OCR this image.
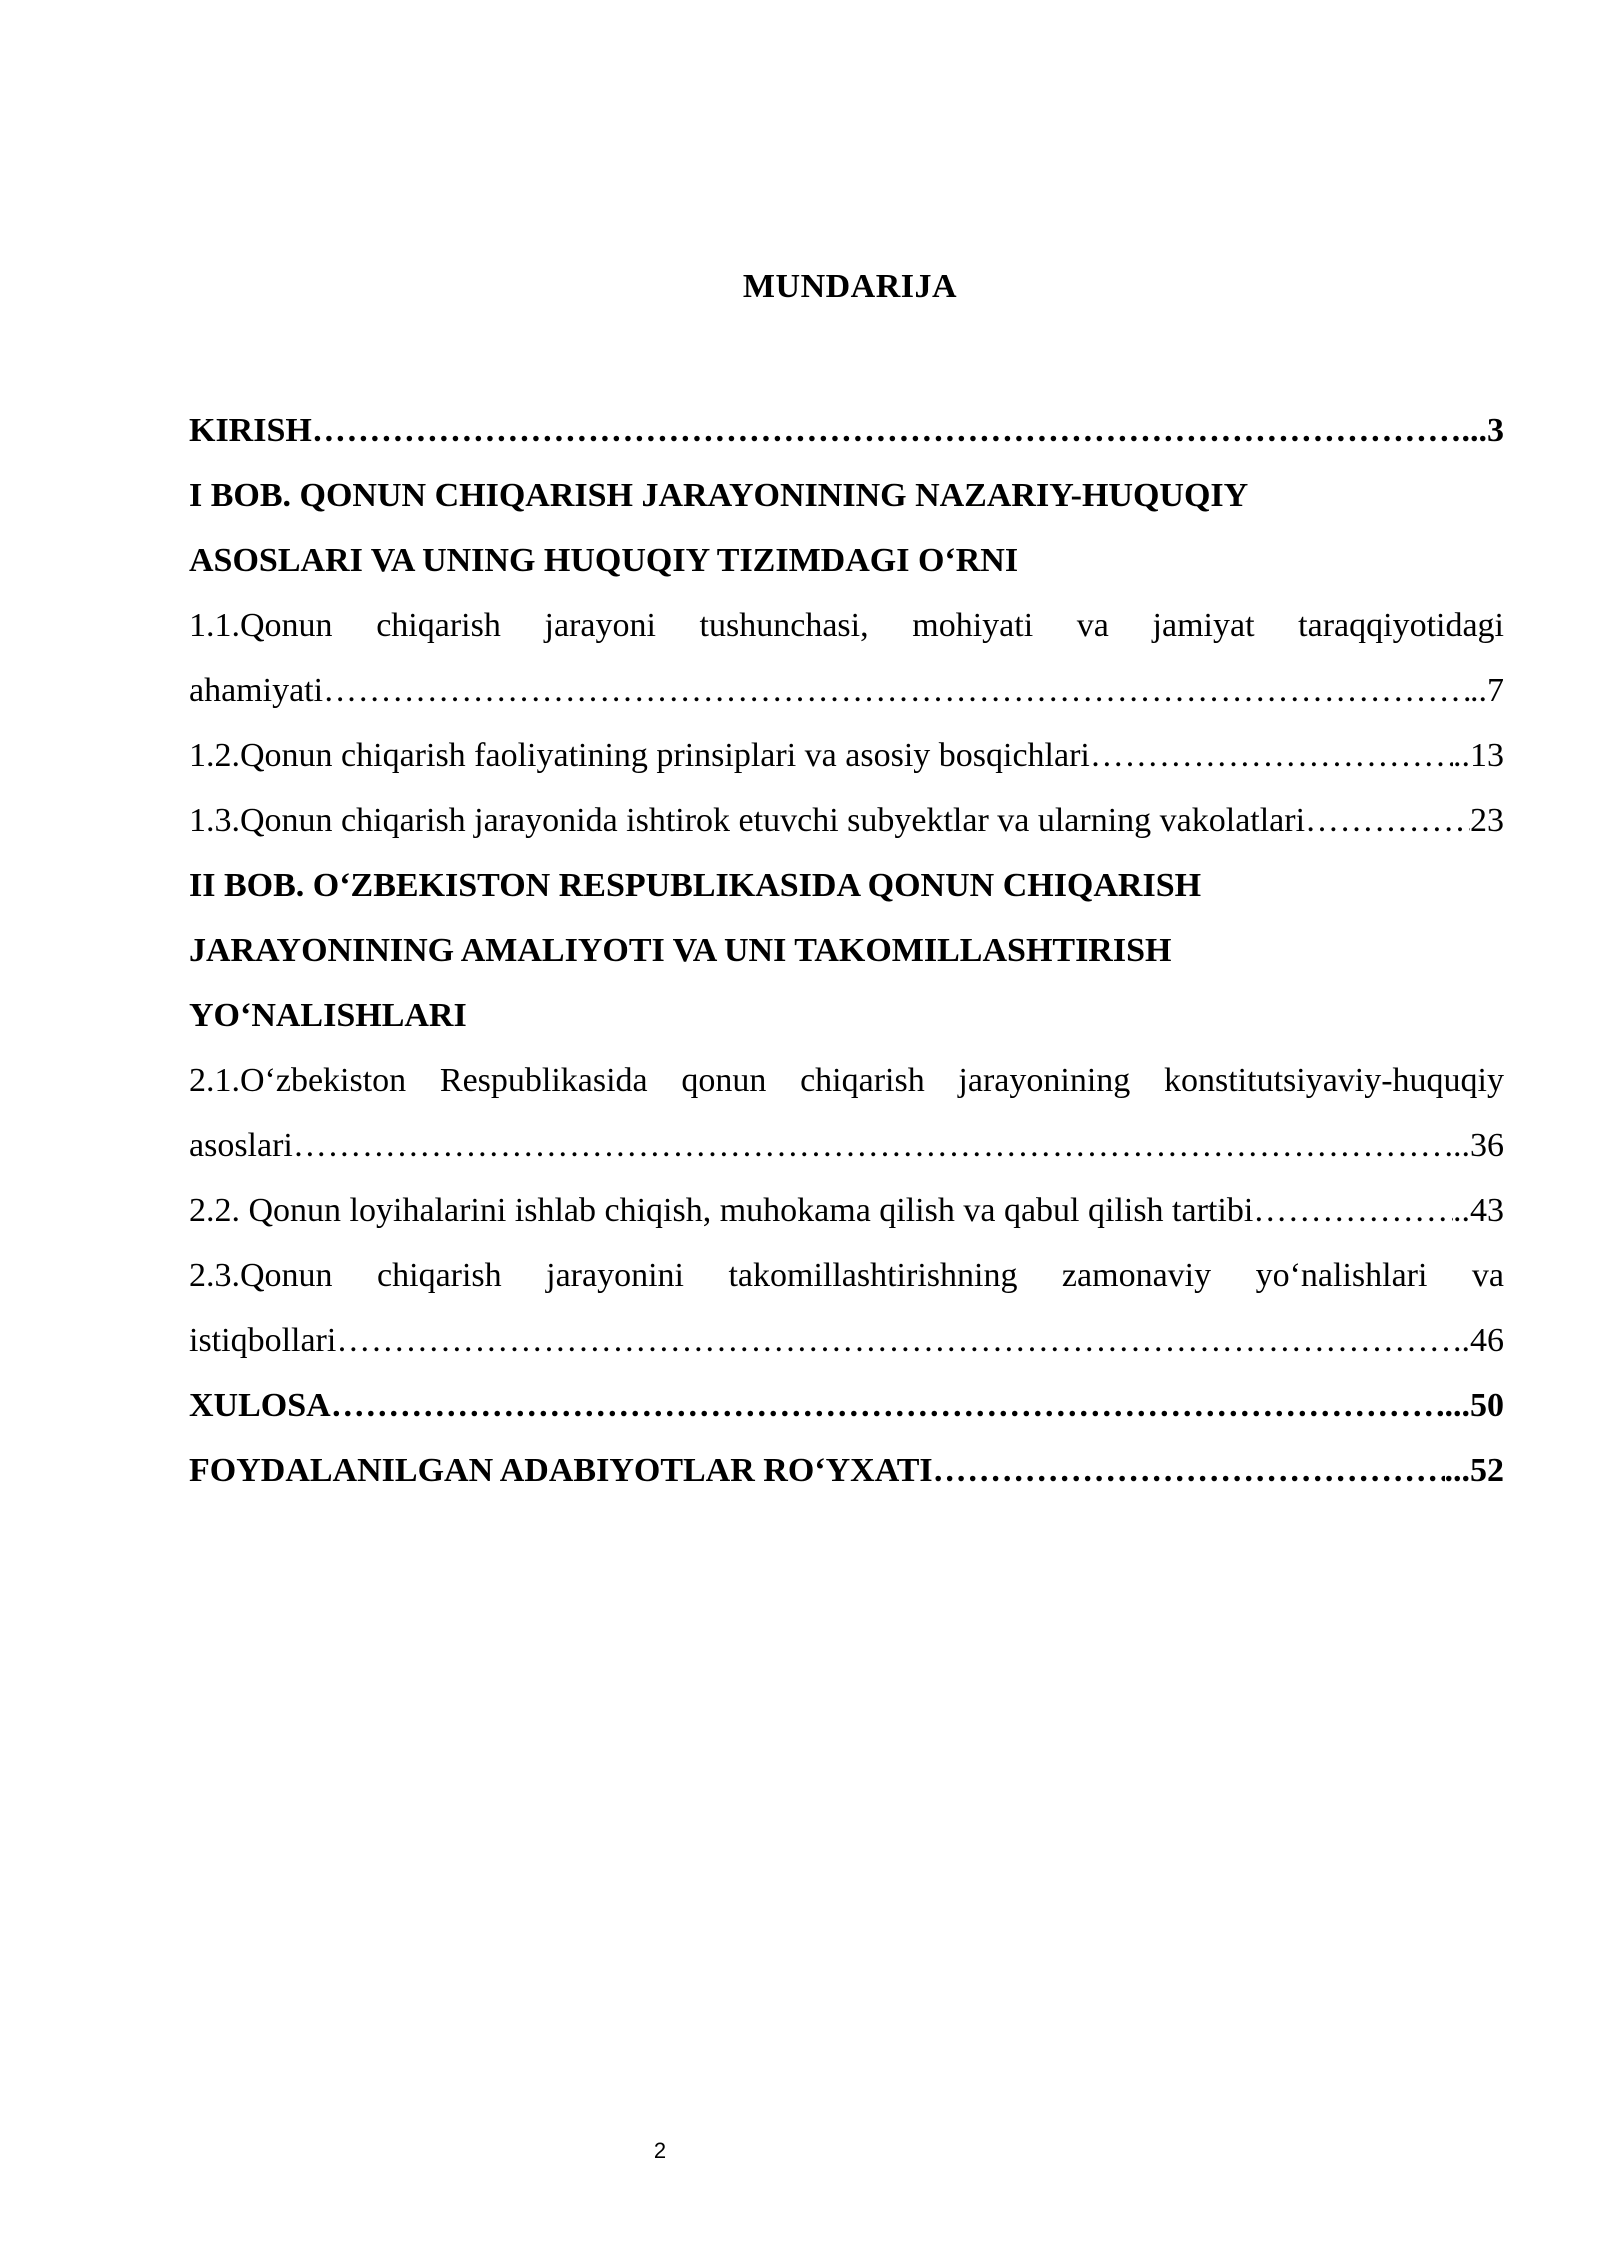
MUNDARIJA
KIRISH ………………………………………………………………………………………………………………………………………………………………………………………………	...3
I BOB. QONUN CHIQARISH JARAYONINING NAZARIY-HUQUQIY
ASOSLARI VA UNING HUQUQIY TIZIMDAGI O‘RNI
1.1.Qonun chiqarish jarayoni tushunchasi, mohiyati va jamiyat taraqqiyotidagi
ahamiyati ………………………………………………………………………………………………………………………………………………………………………………………………	..7
1.2.Qonun chiqarish faoliyatining prinsiplari va asosiy bosqichlari ………………………………………………………………………………………………………………………………………………………………………………………………	..13
1.3.Qonun chiqarish jarayonida ishtirok etuvchi subyektlar va ularning vakolatlari ………………………………………………………………………………………………………………………………………………………………………………………………	23
II BOB. O‘ZBEKISTON RESPUBLIKASIDA QONUN CHIQARISH
JARAYONINING AMALIYOTI VA UNI TAKOMILLASHTIRISH
YO‘NALISHLARI
2.1.O‘zbekiston Respublikasida qonun chiqarish jarayonining konstitutsiyaviy-huquqiy
asoslari ………………………………………………………………………………………………………………………………………………………………………………………………	...36
2.2. Qonun loyihalarini ishlab chiqish, muhokama qilish va qabul qilish tartibi ………………………………………………………………………………………………………………………………………………………………………………………………	..43
2.3.Qonun chiqarish jarayonini takomillashtirishning zamonaviy yo‘nalishlari va
istiqbollari ………………………………………………………………………………………………………………………………………………………………………………………………	..46
XULOSA ………………………………………………………………………………………………………………………………………………………………………………………………	...50
FOYDALANILGAN ADABIYOTLAR RO‘YXATI ………………………………………………………………………………………………………………………………………………………………………………………………	...52
2
